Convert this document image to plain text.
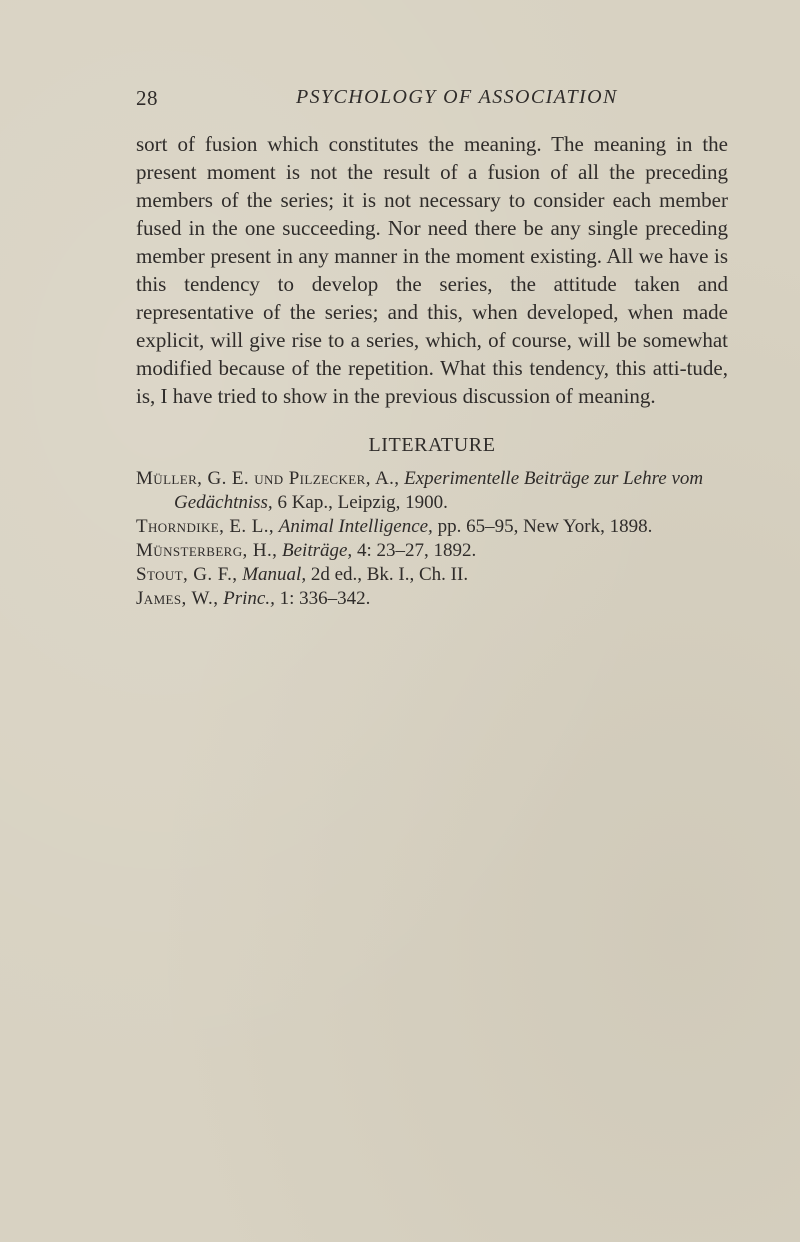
28	PSYCHOLOGY OF ASSOCIATION

sort of fusion which constitutes the meaning. The meaning in the present moment is not the result of a fusion of all the preceding members of the series; it is not necessary to consider each member fused in the one succeeding. Nor need there be any single preceding member present in any manner in the moment existing. All we have is this tendency to develop the series, the attitude taken and representative of the series; and this, when developed, when made explicit, will give rise to a series, which, of course, will be somewhat modified because of the repetition. What this tendency, this atti-tude, is, I have tried to show in the previous discussion of meaning.

LITERATURE
Müller, G. E. und Pilzecker, A., Experimentelle Beiträge zur Lehre vom Gedächtniss, 6 Kap., Leipzig, 1900.
Thorndike, E. L., Animal Intelligence, pp. 65–95, New York, 1898.
Münsterberg, H., Beiträge, 4: 23–27, 1892.
Stout, G. F., Manual, 2d ed., Bk. I., Ch. II.
James, W., Princ., 1: 336–342.
